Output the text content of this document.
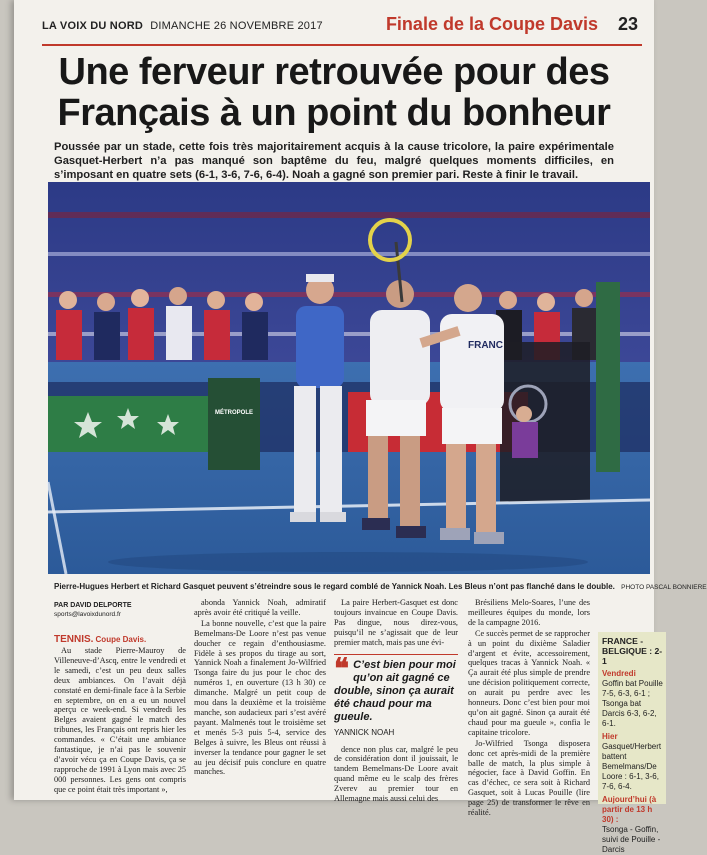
LA VOIX DU NORD DIMANCHE 26 NOVEMBRE 2017	Finale de la Coupe Davis 23
Une ferveur retrouvée pour des Français à un point du bonheur

Poussée par un stade, cette fois très majoritairement acquis à la cause tricolore, la paire expérimentale Gasquet-Herbert n’a pas manqué son baptême du feu, malgré quelques moments difficiles, en s’imposant en quatre sets (6-1, 3-6, 7-6, 6-4). Noah a gagné son premier pari. Reste à finir le travail.

MÉTROPOLE
FRANC
Pierre-Hugues Herbert et Richard Gasquet peuvent s’étreindre sous le regard comblé de Yannick Noah. Les Bleus n’ont pas flanché dans le double. PHOTO PASCAL BONNIERE
PAR DAVID DELPORTE
sports@lavoixdunord.fr

TENNIS. Coupe Davis.

Au stade Pierre-Mauroy de Villeneuve-d’Ascq, entre le vendredi et le samedi, c’est un peu deux salles deux ambiances. On l’avait déjà constaté en demi-finale face à la Serbie en septembre, on en a eu un nouvel aperçu ce week-end. Si vendredi les Belges avaient gagné le match des tribunes, les Français ont repris hier les commandes. « C’était une ambiance fantastique, je n’ai pas le souvenir d’avoir vécu ça en Coupe Davis, ça se rapproche de 1991 à Lyon mais avec 25 000 personnes. Les gens ont compris que ce point était très important »,

abonda Yannick Noah, admiratif après avoir été critiqué la veille.

La bonne nouvelle, c’est que la paire Bemelmans-De Loore n’est pas venue doucher ce regain d’enthousiasme. Fidèle à ses propos du tirage au sort, Yannick Noah a finalement Jo-Wilfried Tsonga faire du jus pour le choc des numéros 1, en ouverture (13 h 30) ce dimanche. Malgré un petit coup de mou dans la deuxième et la troisième manche, son audacieux pari s’est avéré payant. Malmenés tout le troisième set et menés 5-3 puis 5-4, service des Belges à suivre, les Bleus ont réussi à inverser la tendance pour gagner le set au jeu décisif puis conclure en quatre manches.

La paire Herbert-Gasquet est donc toujours invaincue en Coupe Davis. Pas dingue, nous direz-vous, puisqu’il ne s’agissait que de leur premier match, mais pas une évi-

❝ C’est bien pour moi qu’on ait gagné ce double, sinon ça aurait été chaud pour ma gueule.
YANNICK NOAH

dence non plus car, malgré le peu de considération dont il jouissait, le tandem Bemelmans-De Loore avait quand même eu le scalp des frères Zverev au premier tour en Allemagne mais aussi celui des

Brésiliens Melo-Soares, l’une des meilleures équipes du monde, lors de la campagne 2016.

Ce succès permet de se rapprocher à un point du dixième Saladier d’argent et évite, accessoirement, quelques tracas à Yannick Noah. « Ça aurait été plus simple de prendre une décision politiquement correcte, on aurait pu perdre avec les honneurs. Donc c’est bien pour moi qu’on ait gagné. Sinon ça aurait été chaud pour ma gueule », confia le capitaine tricolore.

Jo-Wilfried Tsonga disposera donc cet après-midi de la première balle de match, la plus simple à négocier, face à David Goffin. En cas d’échec, ce sera soit à Richard Gasquet, soit à Lucas Pouille (lire page 25) de transformer le rêve en réalité.

FRANCE - BELGIQUE : 2-1
Vendredi

Goffin bat Pouille 7-5, 6-3, 6-1 ;

Tsonga bat Darcis 6-3, 6-2, 6-1.

Hier

Gasquet/Herbert battent

Bemelmans/De Loore : 6-1, 3-6,

7-6, 6-4.

Aujourd’hui (à partir de 13 h 30) :

Tsonga - Goffin,

suivi de Pouille - Darcis
